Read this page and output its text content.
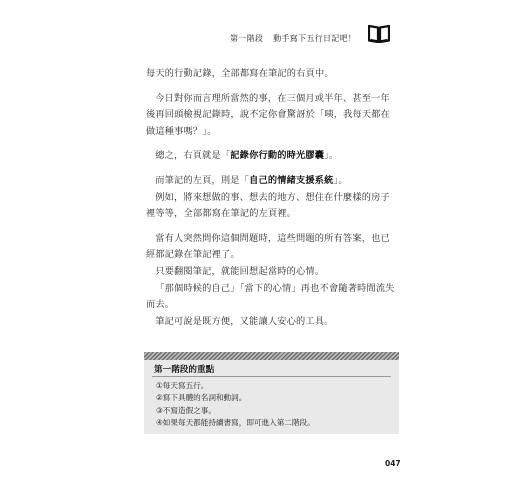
第一階段 動手寫下五行日記吧！

每天的行動記錄，全部都寫在筆記的右頁中。

今日對你而言理所當然的事，在三個月或半年、甚至一年後再回頭檢視記錄時，說不定你會驚訝於「咦，我每天都在做這種事嗎？」。

總之，右頁就是「記錄你行動的時光膠囊」。

而筆記的左頁，則是「自己的情緒支援系統」。

例如，將來想做的事、想去的地方、想住在什麼樣的房子裡等等，全部都寫在筆記的左頁裡。

當有人突然問你這個問題時，這些問題的所有答案，也已經都記錄在筆記裡了。

只要翻閱筆記，就能回想起當時的心情。

「那個時候的自己」「當下的心情」再也不會隨著時間流失而去。

筆記可說是既方便，又能讓人安心的工具。

第一階段的重點
①每天寫五行。
②寫下具體的名詞和動詞。
③不寫造假之事。
④如果每天都能持續書寫，即可進入第二階段。
047
